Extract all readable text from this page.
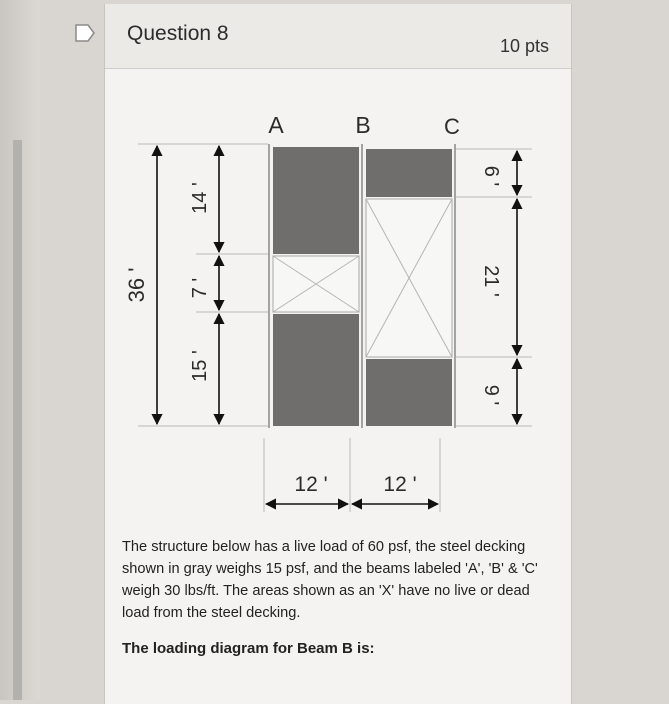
Question 8
10 pts
A	B	C
36 '
14 '
7 '
15 '
6 '
21 '
9 '
12 '	12 '
The structure below has a live load of 60 psf, the steel decking shown in gray weighs 15 psf, and the beams labeled 'A', 'B' & 'C' weigh 30 lbs/ft. The areas shown as an 'X' have no live or dead load from the steel decking.
The loading diagram for Beam B is:
